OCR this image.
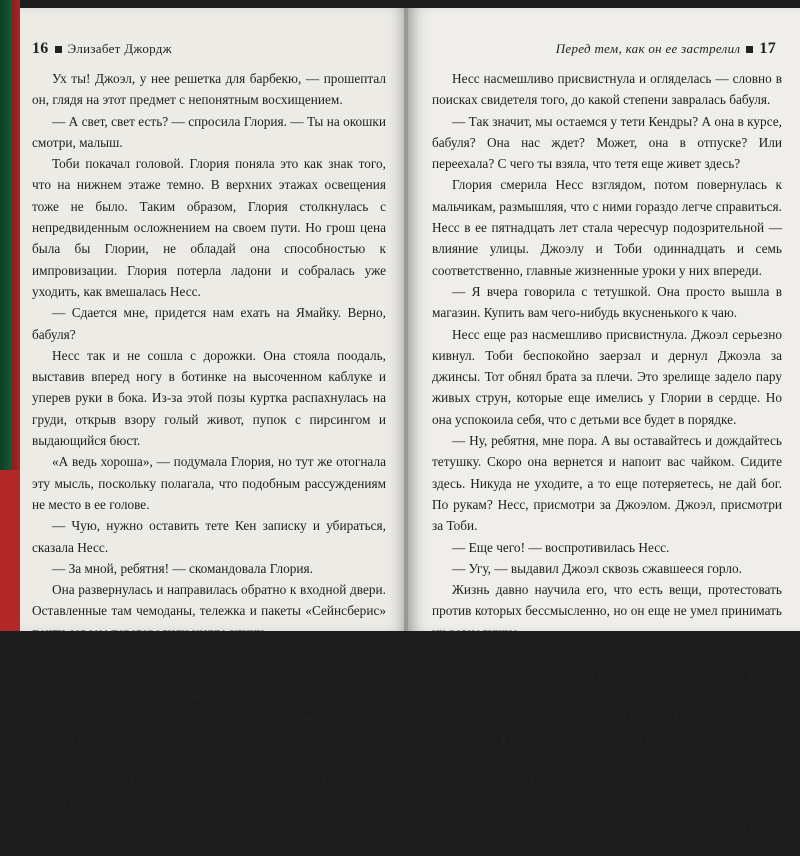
16 Элизабет Джордж

Ух ты! Джоэл, у нее решетка для барбекю, — прошептал он, глядя на этот предмет с непонятным восхищением.

— А свет, свет есть? — спросила Глория. — Ты на окошки смотри, малыш.

Тоби покачал головой. Глория поняла это как знак того, что на нижнем этаже темно. В верхних этажах освещения тоже не было. Таким образом, Глория столкнулась с непредвиденным осложнением на своем пути. Но грош цена была бы Глории, не обладай она способностью к импровизации. Глория потерла ладони и собралась уже уходить, как вмешалась Несс.

— Сдается мне, придется нам ехать на Ямайку. Верно, бабуля?

Несс так и не сошла с дорожки. Она стояла поодаль, выставив вперед ногу в ботинке на высоченном каблуке и уперев руки в бока. Из-за этой позы куртка распахнулась на груди, открыв взору голый живот, пупок с пирсингом и выдающийся бюст.

«А ведь хороша», — подумала Глория, но тут же отогнала эту мысль, поскольку полагала, что подобным рассуждениям не место в ее голове.

— Чую, нужно оставить тете Кен записку и убираться, сказала Несс.

— За мной, ребятня! — скомандовала Глория.

Она развернулась и направилась обратно к входной двери. Оставленные там чемоданы, тележка и пакеты «Сейнсберис» почти совсем перегородили узкую улицу.

Глория велела детям сесть на крыльцо, хотя места там было явно недостаточно. Мальчики дружно протиснулись между сумками и пакетами на верхнюю ступеньку. Несс осталась стоять как стояла; по ее лицу было видно, что она требует от бабушки немедленных объяснений.

— Хочу поговорить там для вас все, что буду. А для этого требуется время. Поэтому сначала я одна поеду на Й-май-ку, а потом пришлю за вами. Когда все обустрою.

Перед тем, как он ее застрелил 17

Несс насмешливо присвистнула и огляделась — словно в поисках свидетеля того, до какой степени завралась бабуля.

— Так значит, мы остаемся у тети Кендры? А она в курсе, бабуля? Она нас ждет? Может, она в отпуске? Или переехала? С чего ты взяла, что тетя еще живет здесь?

Глория смерила Несс взглядом, потом повернулась к мальчикам, размышляя, что с ними гораздо легче справиться. Несс в ее пятнадцать лет стала чересчур подозрительной — влияние улицы. Джоэлу и Тоби одиннадцать и семь соответственно, главные жизненные уроки у них впереди.

— Я вчера говорила с тетушкой. Она просто вышла в магазин. Купить вам чего-нибудь вкусненького к чаю.

Несс еще раз насмешливо присвистнула. Джоэл серьезно кивнул. Тоби беспокойно заерзал и дернул Джоэла за джинсы. Тот обнял брата за плечи. Это зрелище задело пару живых струн, которые еще имелись у Глории в сердце. Но она успокоила себя, что с детьми все будет в порядке.

— Ну, ребятня, мне пора. А вы оставайтесь и дождайтесь тетушку. Скоро она вернется и напоит вас чайком. Сидите здесь. Никуда не уходите, а то еще потеряетесь, не дай бог. По рукам? Несс, присмотри за Джоэлом. Джоэл, присмотри за Тоби.

— Еще чего! — воспротивилась Несс.

— Угу, — выдавил Джоэл сквозь сжавшееся горло.

Жизнь давно научила его, что есть вещи, протестовать против которых бессмысленно, но он еще не умел принимать их равнодушно.

— Ты хороший мальчик, солнышко, — отозвалась Глория. Она поцеловала Джоэла в макушку, затем робко потрепала по щеке Тоби.

Подхватив свой чемодан и два пакета, Глория облегченно вздохнула. Ей действительно неприятно было оставлять ребят одних на крыльце, но она не сомневалась, что Кендра скоро появится. На самом деле Глория не созванивалась с дочерью накануне, не знала, что, если не считать отношений с мужчинами, Кендра жила строго по правилам, просто ходячая доброде-
